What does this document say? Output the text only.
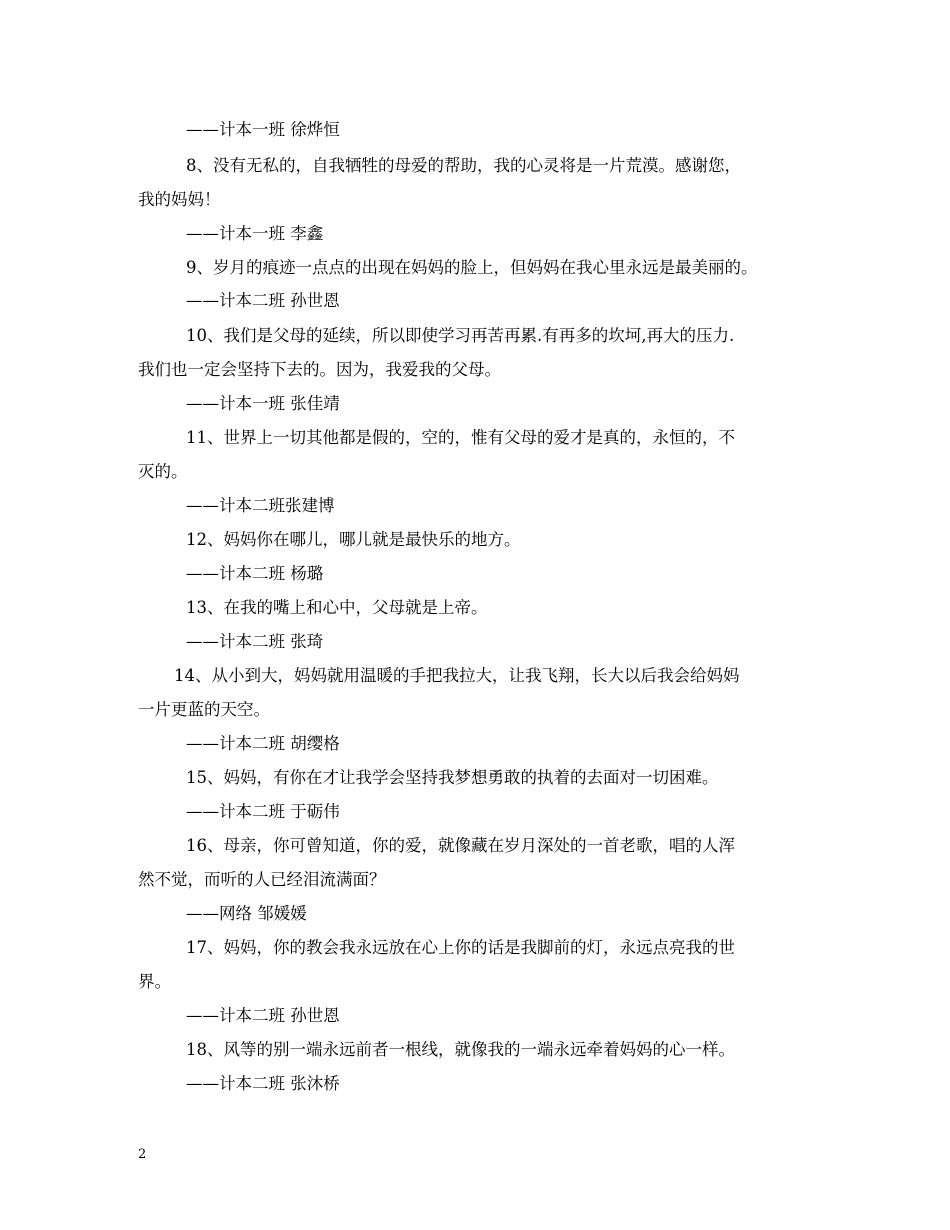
——计本一班 徐烨恒
8、没有无私的，自我牺牲的母爱的帮助，我的心灵将是一片荒漠。感谢您，
我的妈妈！
——计本一班 李鑫
9、岁月的痕迹一点点的出现在妈妈的脸上，但妈妈在我心里永远是最美丽的。
——计本二班 孙世恩
10、我们是父母的延续，所以即使学习再苦再累.有再多的坎坷,再大的压力.
我们也一定会坚持下去的。因为，我爱我的父母。
——计本一班 张佳靖
11、世界上一切其他都是假的，空的，惟有父母的爱才是真的，永恒的，不
灭的。
——计本二班张建博
12、妈妈你在哪儿，哪儿就是最快乐的地方。
——计本二班 杨璐
13、在我的嘴上和心中，父母就是上帝。
——计本二班 张琦
14、从小到大，妈妈就用温暖的手把我拉大，让我飞翔，长大以后我会给妈妈
一片更蓝的天空。
——计本二班 胡缨格
15、妈妈，有你在才让我学会坚持我梦想勇敢的执着的去面对一切困难。
——计本二班 于砺伟
16、母亲，你可曾知道，你的爱，就像藏在岁月深处的一首老歌，唱的人浑
然不觉，而听的人已经泪流满面？
——网络 邹媛媛
17、妈妈，你的教会我永远放在心上你的话是我脚前的灯，永远点亮我的世
界。
——计本二班 孙世恩
18、风等的别一端永远前者一根线，就像我的一端永远牵着妈妈的心一样。
——计本二班 张沐桥
2
